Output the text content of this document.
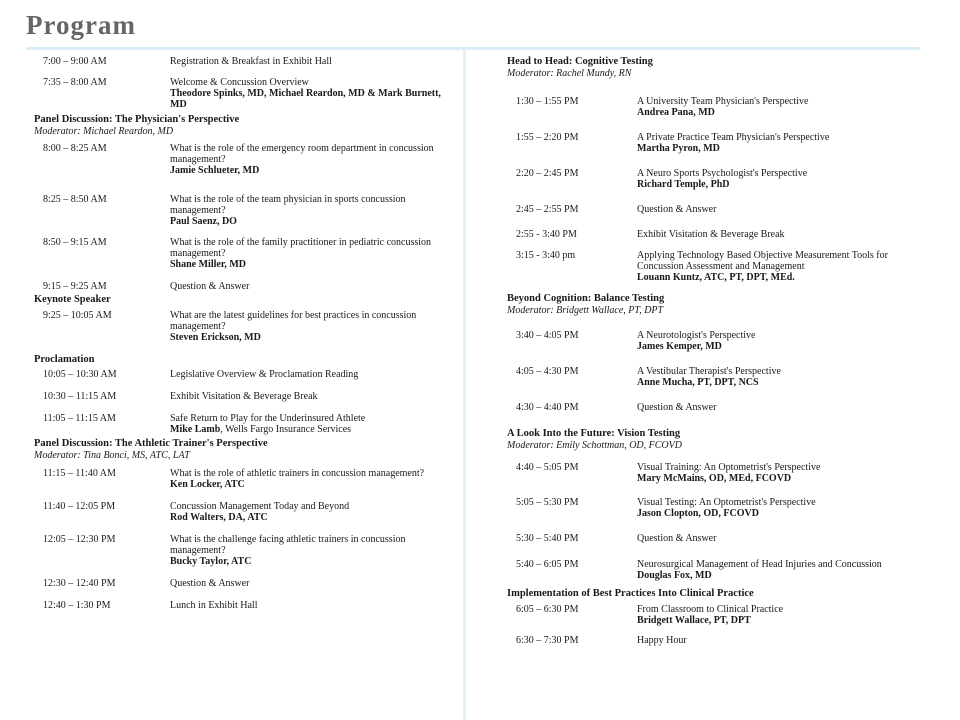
Program
7:00 – 9:00 AM	Registration & Breakfast in Exhibit Hall
7:35 – 8:00 AM	Welcome & Concussion Overview
Theodore Spinks, MD, Michael Reardon, MD & Mark Burnett, MD
Panel Discussion: The Physician's Perspective
Moderator: Michael Reardon, MD
8:00 – 8:25 AM	What is the role of the emergency room department in concussion management?
Jamie Schlueter, MD
8:25 – 8:50 AM	What is the role of the team physician in sports concussion management?
Paul Saenz, DO
8:50 – 9:15 AM	What is the role of the family practitioner in pediatric concussion management?
Shane Miller, MD
9:15 – 9:25 AM	Question & Answer
Keynote Speaker
9:25 – 10:05 AM	What are the latest guidelines for best practices in concussion management?
Steven Erickson, MD
Proclamation
10:05 – 10:30 AM	Legislative Overview & Proclamation Reading
10:30 – 11:15 AM	Exhibit Visitation & Beverage Break
11:05 – 11:15 AM	Safe Return to Play for the Underinsured Athlete
Mike Lamb, Wells Fargo Insurance Services
Panel Discussion: The Athletic Trainer's Perspective
Moderator: Tina Bonci, MS, ATC, LAT
11:15 – 11:40 AM	What is the role of athletic trainers in concussion management?
Ken Locker, ATC
11:40 – 12:05 PM	Concussion Management Today and Beyond
Rod Walters, DA, ATC
12:05 – 12:30 PM	What is the challenge facing athletic trainers in concussion management?
Bucky Taylor, ATC
12:30 – 12:40 PM	Question & Answer
12:40 – 1:30 PM	Lunch in Exhibit Hall
Head to Head: Cognitive Testing
Moderator: Rachel Mundy, RN
1:30 – 1:55 PM	A University Team Physician's Perspective
Andrea Pana, MD
1:55 – 2:20 PM	A Private Practice Team Physician's Perspective
Martha Pyron, MD
2:20 – 2:45 PM	A Neuro Sports Psychologist's Perspective
Richard Temple, PhD
2:45 – 2:55 PM	Question & Answer
2:55 - 3:40 PM	Exhibit Visitation & Beverage Break
3:15 - 3:40 pm	Applying Technology Based Objective Measurement Tools for Concussion Assessment and Management
Louann Kuntz, ATC, PT, DPT, MEd.
Beyond Cognition: Balance Testing
Moderator: Bridgett Wallace, PT, DPT
3:40 – 4:05 PM	A Neurotologist's Perspective
James Kemper, MD
4:05 – 4:30 PM	A Vestibular Therapist's Perspective
Anne Mucha, PT, DPT, NCS
4:30 – 4:40 PM	Question & Answer
A Look Into the Future: Vision Testing
Moderator: Emily Schottman, OD, FCOVD
4:40 – 5:05 PM	Visual Training: An Optometrist's Perspective
Mary McMains, OD, MEd, FCOVD
5:05 – 5:30 PM	Visual Testing: An Optometrist's Perspective
Jason Clopton, OD, FCOVD
5:30 – 5:40 PM	Question & Answer
5:40 – 6:05 PM	Neurosurgical Management of Head Injuries and Concussion
Douglas Fox, MD
Implementation of Best Practices Into Clinical Practice
6:05 – 6:30 PM	From Classroom to Clinical Practice
Bridgett Wallace, PT, DPT
6:30 – 7:30 PM	Happy Hour
